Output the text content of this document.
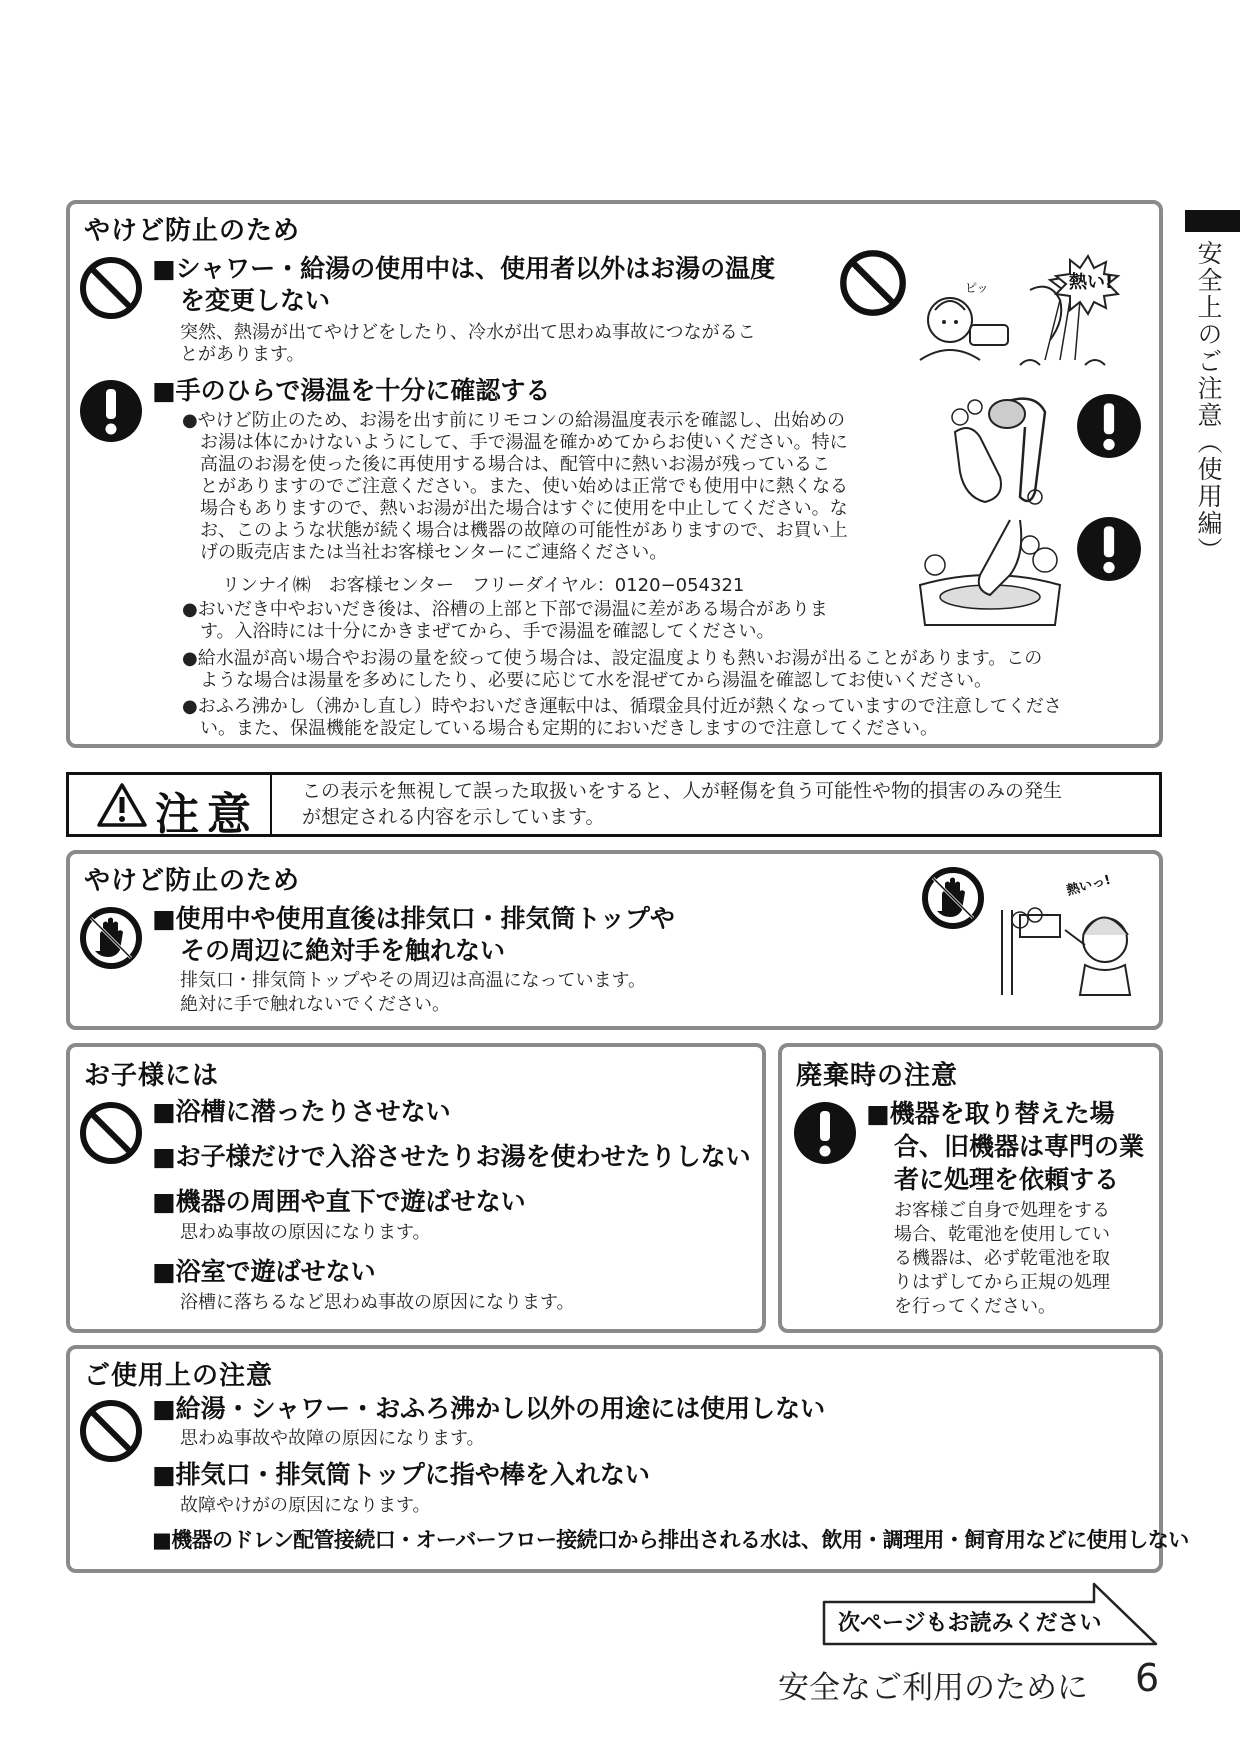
安全上のご注意（使用編）
やけど防止のため
■シャワー・給湯の使用中は、使用者以外はお湯の温度
を変更しない
突然、熱湯が出てやけどをしたり、冷水が出て思わぬ事故につながるこ
とがあります。
熱い!
ピッ
■手のひらで湯温を十分に確認する
●やけど防止のため、お湯を出す前にリモコンの給湯温度表示を確認し、出始めの
お湯は体にかけないようにして、手で湯温を確かめてからお使いください。特に
高温のお湯を使った後に再使用する場合は、配管中に熱いお湯が残っているこ
とがありますのでご注意ください。また、使い始めは正常でも使用中に熱くなる
場合もありますので、熱いお湯が出た場合はすぐに使用を中止してください。な
お、このような状態が続く場合は機器の故障の可能性がありますので、お買い上
げの販売店または当社お客様センターにご連絡ください。
リンナイ㈱　お客様センター　フリーダイヤル：0120−054321
●おいだき中やおいだき後は、浴槽の上部と下部で湯温に差がある場合がありま
す。入浴時には十分にかきまぜてから、手で湯温を確認してください。
●給水温が高い場合やお湯の量を絞って使う場合は、設定温度よりも熱いお湯が出ることがあります。この
ような場合は湯量を多めにしたり、必要に応じて水を混ぜてから湯温を確認してお使いください。
●おふろ沸かし（沸かし直し）時やおいだき運転中は、循環金具付近が熱くなっていますので注意してくださ
い。また、保温機能を設定している場合も定期的においだきしますので注意してください。
注意 この表示を無視して誤った取扱いをすると、人が軽傷を負う可能性や物的損害のみの発生
が想定される内容を示しています。
やけど防止のため
■使用中や使用直後は排気口・排気筒トップや
その周辺に絶対手を触れない
排気口・排気筒トップやその周辺は高温になっています。
絶対に手で触れないでください。
熱いっ!
お子様には
■浴槽に潜ったりさせない
■お子様だけで入浴させたりお湯を使わせたりしない
■機器の周囲や直下で遊ばせない
思わぬ事故の原因になります。
■浴室で遊ばせない
浴槽に落ちるなど思わぬ事故の原因になります。
廃棄時の注意
■機器を取り替えた場
合、旧機器は専門の業
者に処理を依頼する
お客様ご自身で処理をする
場合、乾電池を使用してい
る機器は、必ず乾電池を取
りはずしてから正規の処理
を行ってください。
ご使用上の注意
■給湯・シャワー・おふろ沸かし以外の用途には使用しない
思わぬ事故や故障の原因になります。
■排気口・排気筒トップに指や棒を入れない
故障やけがの原因になります。
■機器のドレン配管接続口・オーバーフロー接続口から排出される水は、飲用・調理用・飼育用などに使用しない
次ページもお読みください
安全なご利用のために 6
